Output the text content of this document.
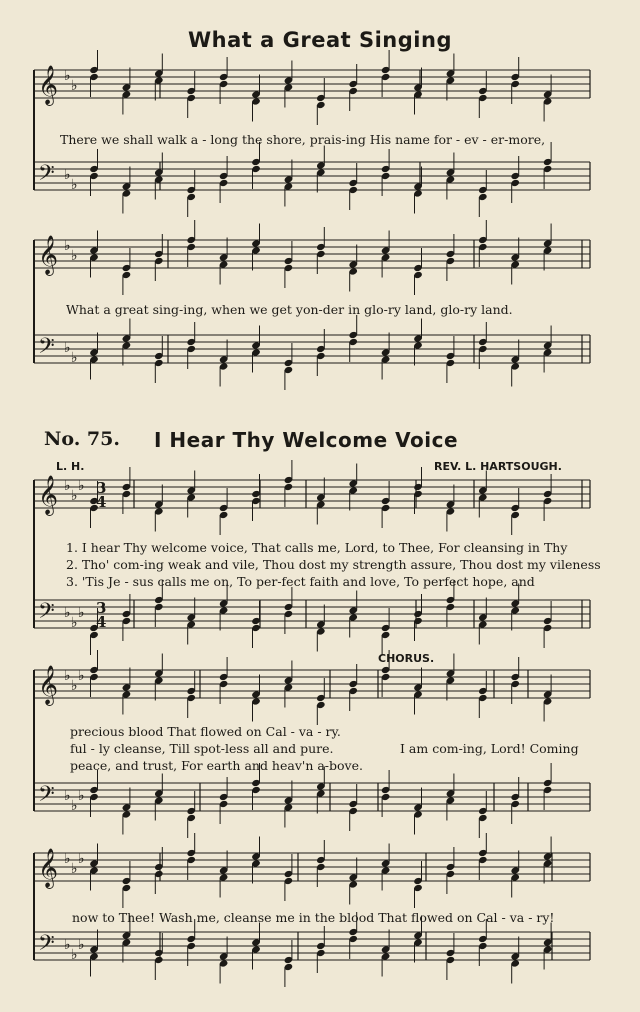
What a Great Singing
𝄞 ♭
♭
𝄢 ♭
♭
𝄞 ♭
♭
𝄢 ♭
♭
𝄞 ♭
♭
♭
𝄢 ♭
♭
♭
𝄞 ♭
♭
♭
𝄢 ♭
♭
♭
𝄞 ♭
♭
♭
𝄢 ♭
♭
♭
3
4
3
4
There we shall walk a - long the shore, prais-ing His name for - ev - er-more,
What a great sing-ing, when we get yon-der in glo-ry land, glo-ry land.
No. 75. I Hear Thy Welcome Voice
L. H.	REV. L. HARTSOUGH.
1. I hear Thy welcome voice, That calls me, Lord, to Thee, For cleansing in Thy
2. Tho' com-ing weak and vile, Thou dost my strength assure, Thou dost my vileness
3. 'Tis Je - sus calls me on, To per-fect faith and love, To perfect hope, and
CHORUS.
precious blood That flowed on Cal - va - ry.
ful - ly cleanse, Till spot-less all and pure.
peace, and trust, For earth and heav'n a-bove.
I am com-ing, Lord! Coming
now to Thee! Wash me, cleanse me in the blood That flowed on Cal - va - ry!
